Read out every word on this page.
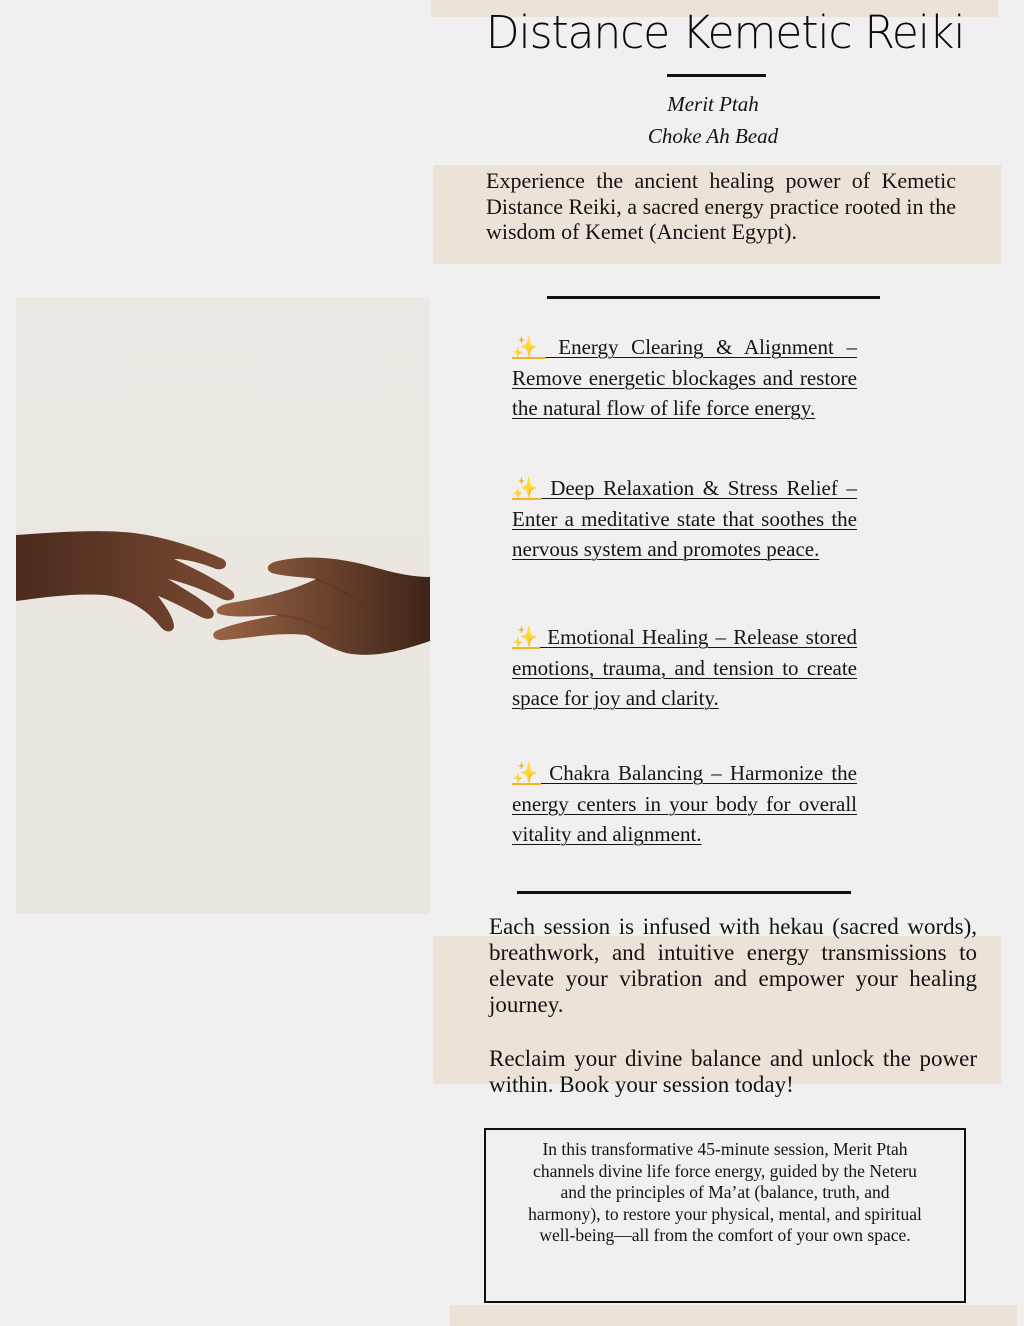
Distance Kemetic Reiki
Merit Ptah
Choke Ah Bead

Experience the ancient healing power of Kemetic Distance Reiki, a sacred energy practice rooted in the wisdom of Kemet (Ancient Egypt).

✨ Energy Clearing & Alignment – Remove energetic blockages and restore the natural flow of life force energy.
✨ Deep Relaxation & Stress Relief – Enter a meditative state that soothes the nervous system and promotes peace.
✨ Emotional Healing – Release stored emotions, trauma, and tension to create space for joy and clarity.
✨ Chakra Balancing – Harmonize the energy centers in your body for overall vitality and alignment.

Each session is infused with hekau (sacred words), breathwork, and intuitive energy transmissions to elevate your vibration and empower your healing journey.

Reclaim your divine balance and unlock the power within. Book your session today!

In this transformative 45-minute session, Merit Ptah channels divine life force energy, guided by the Neteru and the principles of Ma’at (balance, truth, and harmony), to restore your physical, mental, and spiritual well-being—all from the comfort of your own space.
